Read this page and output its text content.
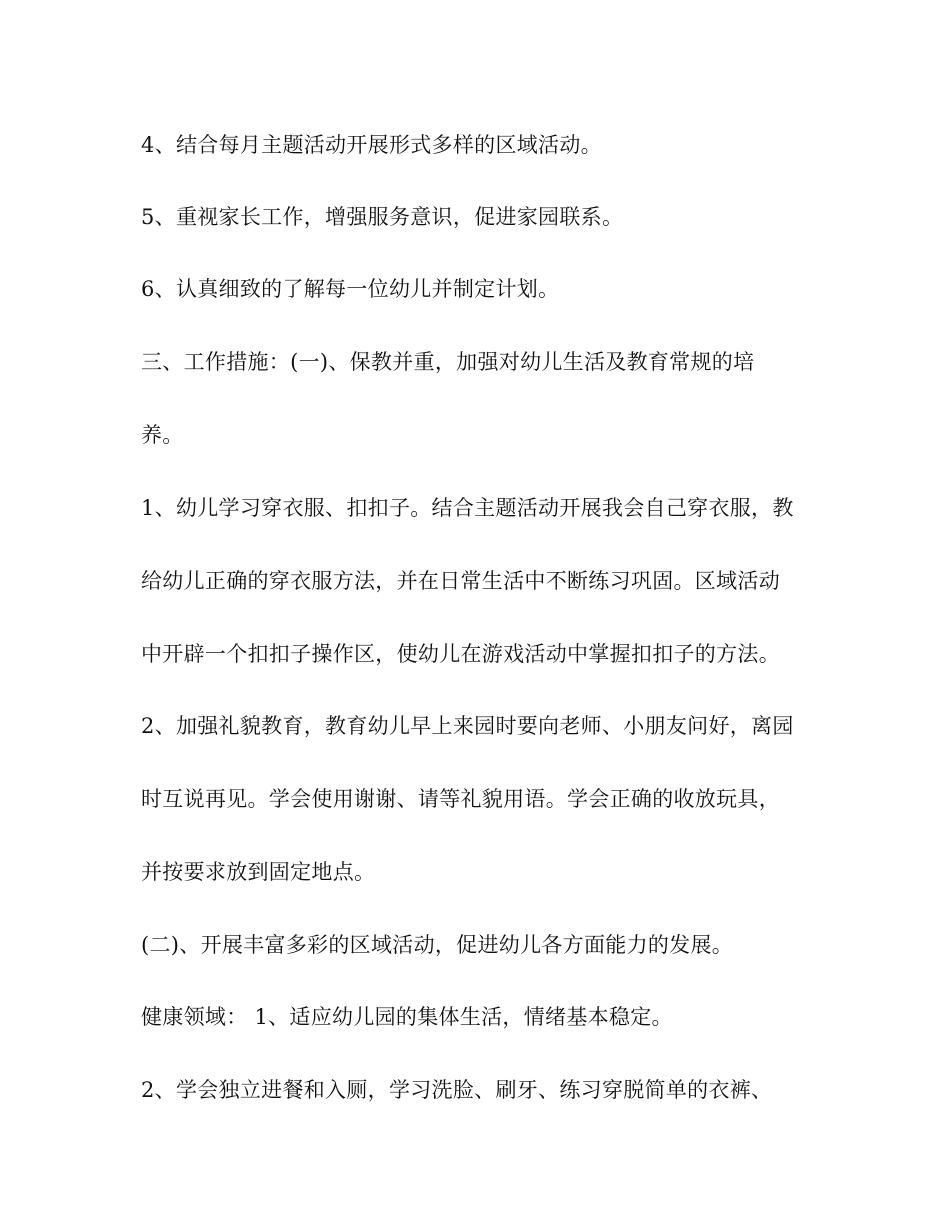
4、结合每月主题活动开展形式多样的区域活动。

5、重视家长工作，增强服务意识，促进家园联系。

6、认真细致的了解每一位幼儿并制定计划。

三、工作措施：(一)、保教并重，加强对幼儿生活及教育常规的培

养。

1、幼儿学习穿衣服、扣扣子。结合主题活动开展我会自己穿衣服，教

给幼儿正确的穿衣服方法，并在日常生活中不断练习巩固。区域活动

中开辟一个扣扣子操作区，使幼儿在游戏活动中掌握扣扣子的方法。

2、加强礼貌教育，教育幼儿早上来园时要向老师、小朋友问好，离园

时互说再见。学会使用谢谢、请等礼貌用语。学会正确的收放玩具，

并按要求放到固定地点。

(二)、开展丰富多彩的区域活动，促进幼儿各方面能力的发展。

健康领域： 1、适应幼儿园的集体生活，情绪基本稳定。

2、学会独立进餐和入厕，学习洗脸、刷牙、练习穿脱简单的衣裤、
